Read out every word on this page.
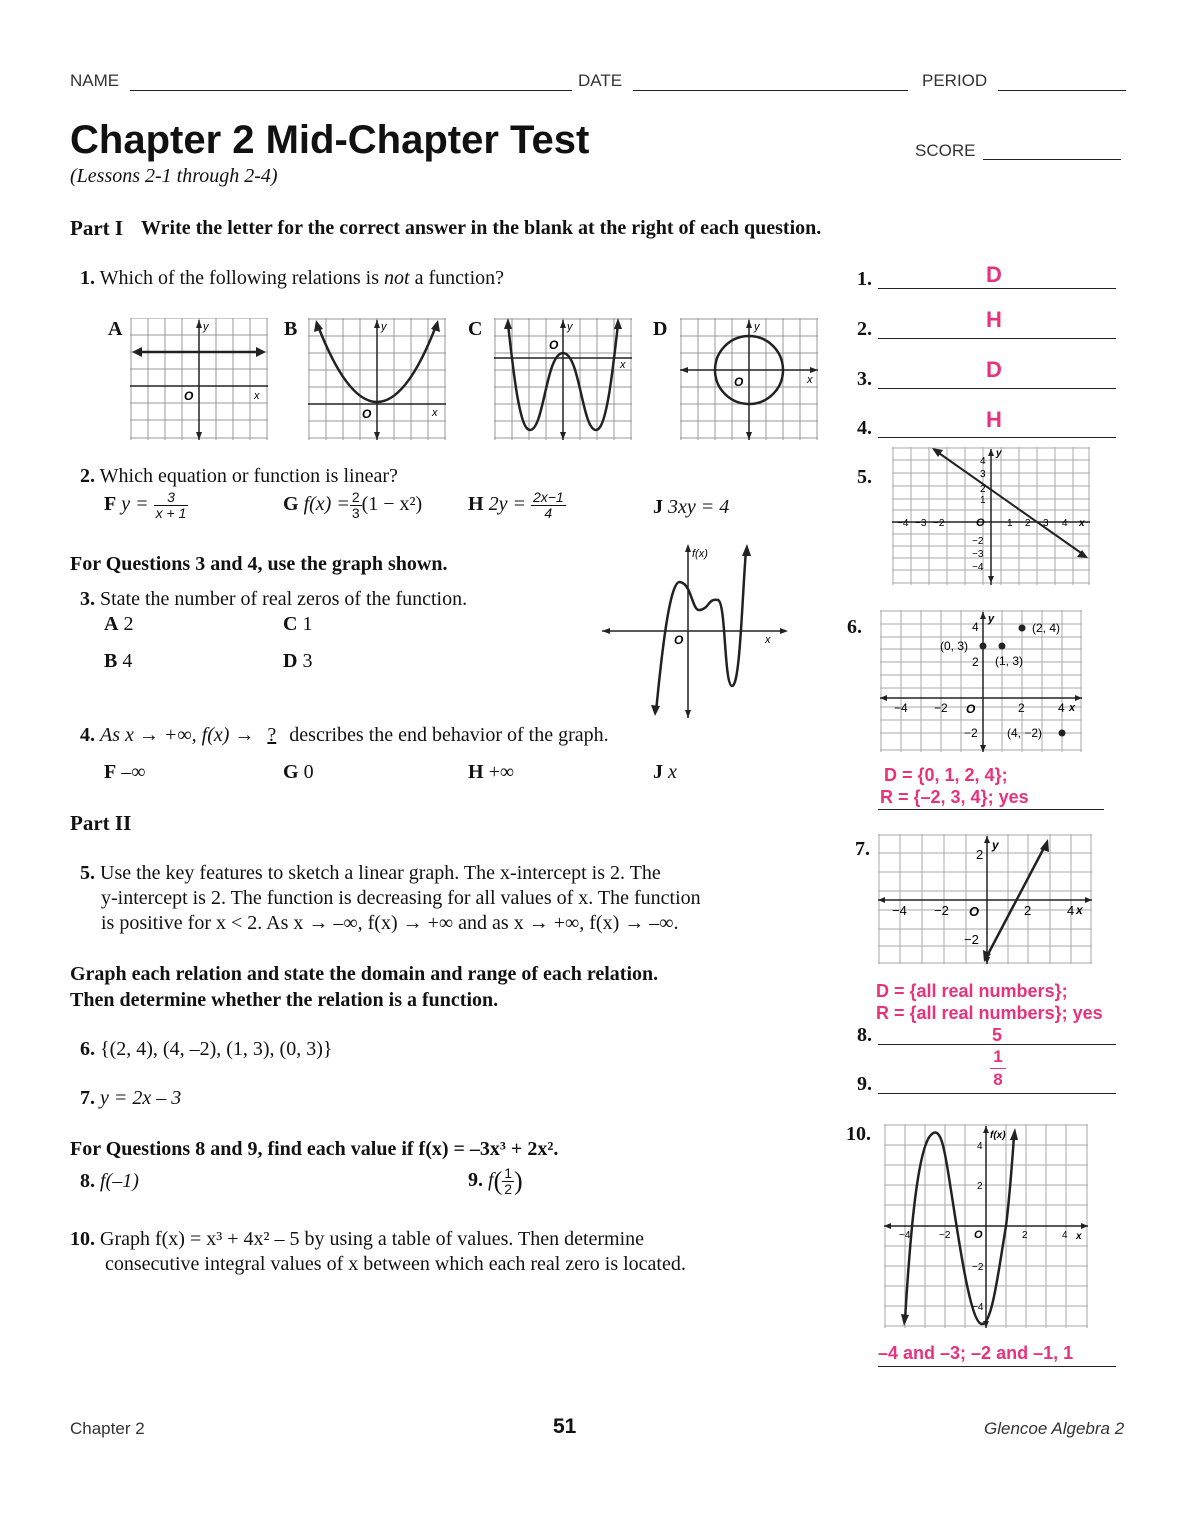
NAME	DATE	PERIOD
Chapter 2 Mid-Chapter Test	SCORE
(Lessons 2-1 through 2-4)
Part I Write the letter for the correct answer in the blank at the right of each question.
1. Which of the following relations is not a function?
A	y
x
O
B	y
x
O
C	y
x
O
D	y
x
O
2. Which equation or function is linear?
F $y = \frac{3}{x + 1}$	G $f(x) = \frac{2}{3} (1 - x^2)$ H $2y = \frac{2x-1}{4}$	J 3xy = 4
For Questions 3 and 4, use the graph shown.
3. State the number of real zeros of the function.
A 2	C 1
B 4	D 3
f(x)
x
O
4. As x → +∞, f(x) → ? describes the end behavior of the graph.
F –∞	G 0	H +∞	J x
Part II
5. Use the key features to sketch a linear graph. The x-intercept is 2. The
y-intercept is 2. The function is decreasing for all values of x. The function
is positive for x < 2. As x → –∞, f(x) → +∞ and as x → +∞, f(x) → –∞.
Graph each relation and state the domain and range of each relation.
Then determine whether the relation is a function.
6. {(2, 4), (4, –2), (1, 3), (0, 3)}
7. y = 2x – 3
For Questions 8 and 9, find each value if f(x) = –3x³ + 2x².
8. f(–1)	9. $f( \frac{1}{2}$ )
10. Graph f(x) = x³ + 4x² – 5 by using a table of values. Then determine
consecutive integral values of x between which each real zero is located.
1.	D
2.	H
3.	D
4.	H
5.
y
x
O
4
3
2
1
−2
−3
−4
−4 −3 −2	1 2 3 4
6.	y
x
O
(0, 3)
(2, 4)
(1, 3)
(4, −2)
4
2
−4 −2	2	4
−2
D = {0, 1, 2, 4};
R = {–2, 3, 4}; yes
7.	y
x
O
2
−4 −2	2	4
−2
D = {all real numbers};
R = {all real numbers}; yes
8.	5
9.	$\frac{1}{8}$
10.	f(x)
x
O
4
2
−4	−2	2	4
−2
−4
–4 and –3; –2 and –1, 1
Chapter 2	51	Glencoe Algebra 2
